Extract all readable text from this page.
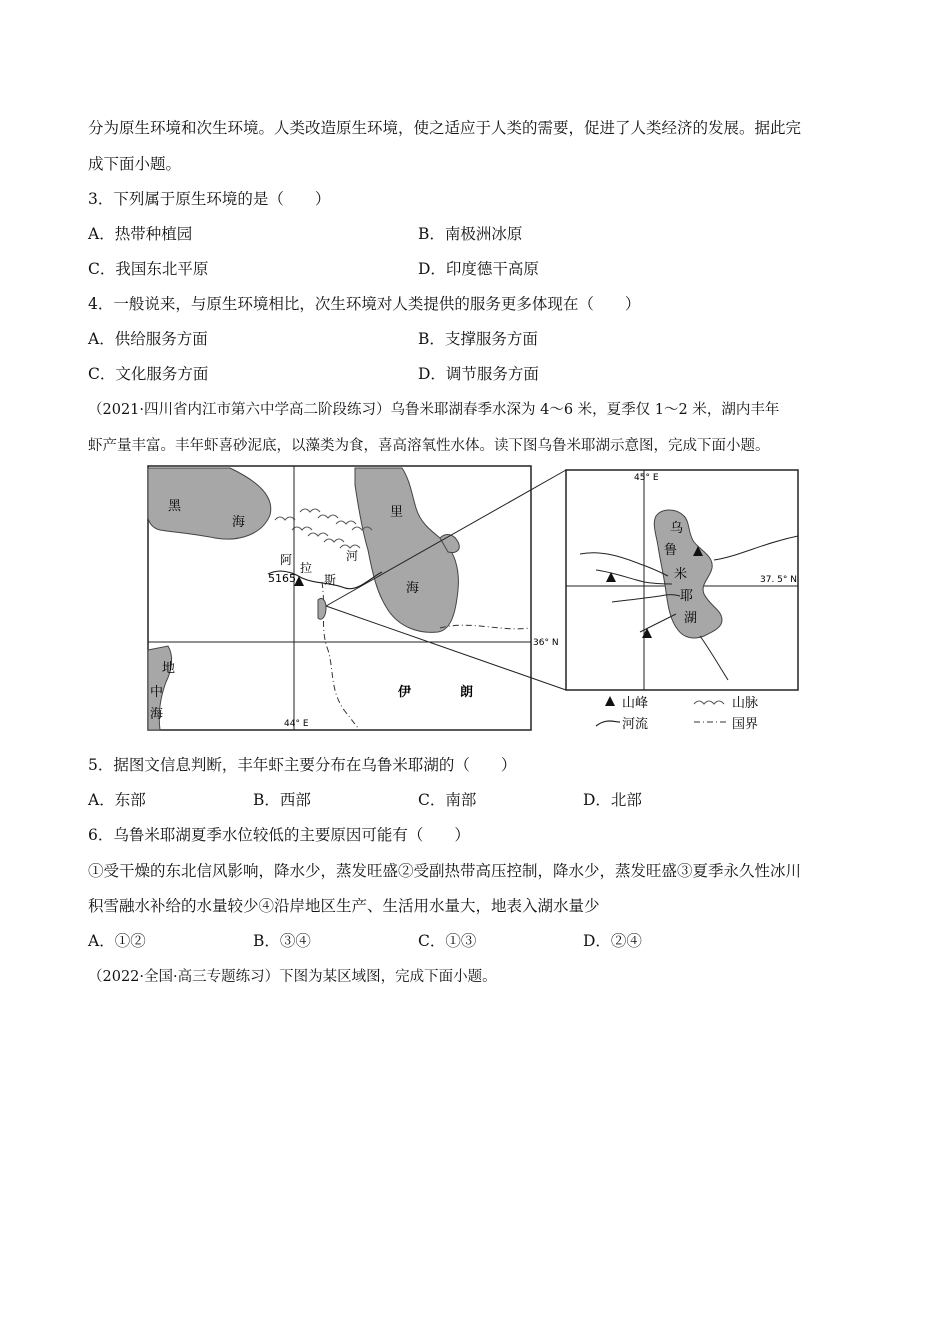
分为原生环境和次生环境。人类改造原生环境，使之适应于人类的需要，促进了人类经济的发展。据此完
成下面小题。
3．下列属于原生环境的是（　　）
A．热带种植园	B．南极洲冰原
C．我国东北平原	D．印度德干高原
4．一般说来，与原生环境相比，次生环境对人类提供的服务更多体现在（　　）
A．供给服务方面	B．支撑服务方面
C．文化服务方面	D．调节服务方面
（2021·四川省内江市第六中学高二阶段练习）乌鲁米耶湖春季水深为 4～6 米，夏季仅 1～2 米，湖内丰年
虾产量丰富。丰年虾喜砂泥底，以藻类为食，喜高溶氧性水体。读下图乌鲁米耶湖示意图，完成下面小题。
黑
海
里
海
地
中
海
阿
拉
斯
河
伊	朗
5165
36° N
44° E
乌
鲁
米
耶
湖
45° E
37. 5° N
山峰	山脉
河流	国界
5．据图文信息判断，丰年虾主要分布在乌鲁米耶湖的（　　）
A．东部	B．西部	C．南部	D．北部
6．乌鲁米耶湖夏季水位较低的主要原因可能有（　　）
①受干燥的东北信风影响，降水少，蒸发旺盛②受副热带高压控制，降水少，蒸发旺盛③夏季永久性冰川
积雪融水补给的水量较少④沿岸地区生产、生活用水量大，地表入湖水量少
A．①②	B．③④	C．①③	D．②④
（2022·全国·高三专题练习）下图为某区域图，完成下面小题。
